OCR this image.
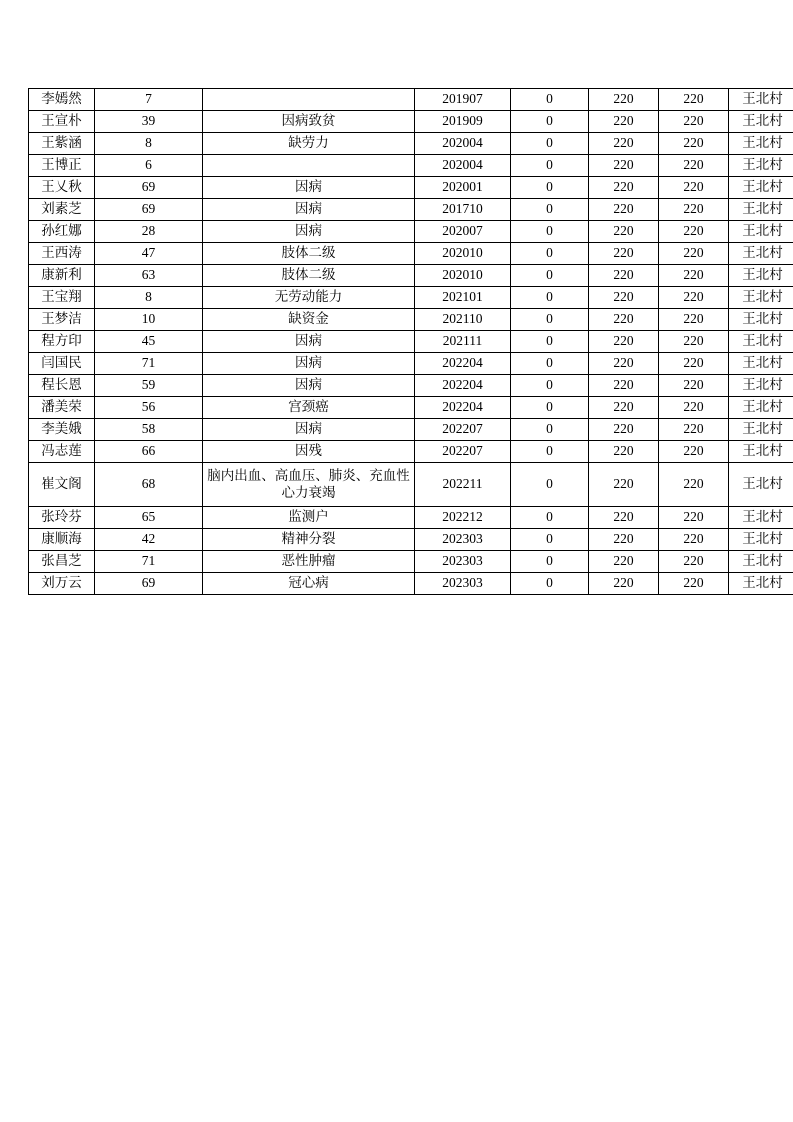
李嫣然	7		201907	0	220	220	王北村
王宣朴	39	因病致贫	201909	0	220	220	王北村
王紫涵	8	缺劳力	202004	0	220	220	王北村
王博正	6		202004	0	220	220	王北村
王乂秋	69	因病	202001	0	220	220	王北村
刘素芝	69	因病	201710	0	220	220	王北村
孙红娜	28	因病	202007	0	220	220	王北村
王西涛	47	肢体二级	202010	0	220	220	王北村
康新利	63	肢体二级	202010	0	220	220	王北村
王宝翔	8	无劳动能力	202101	0	220	220	王北村
王梦洁	10	缺资金	202110	0	220	220	王北村
程方印	45	因病	202111	0	220	220	王北村
闫国民	71	因病	202204	0	220	220	王北村
程长恩	59	因病	202204	0	220	220	王北村
潘美荣	56	宫颈癌	202204	0	220	220	王北村
李美娥	58	因病	202207	0	220	220	王北村
冯志莲	66	因残	202207	0	220	220	王北村
崔文阁	68	脑内出血、高血压、肺炎、充血性心力衰竭	202211	0	220	220	王北村
张玲芬	65	监测户	202212	0	220	220	王北村
康顺海	42	精神分裂	202303	0	220	220	王北村
张昌芝	71	恶性肿瘤	202303	0	220	220	王北村
刘万云	69	冠心病	202303	0	220	220	王北村
